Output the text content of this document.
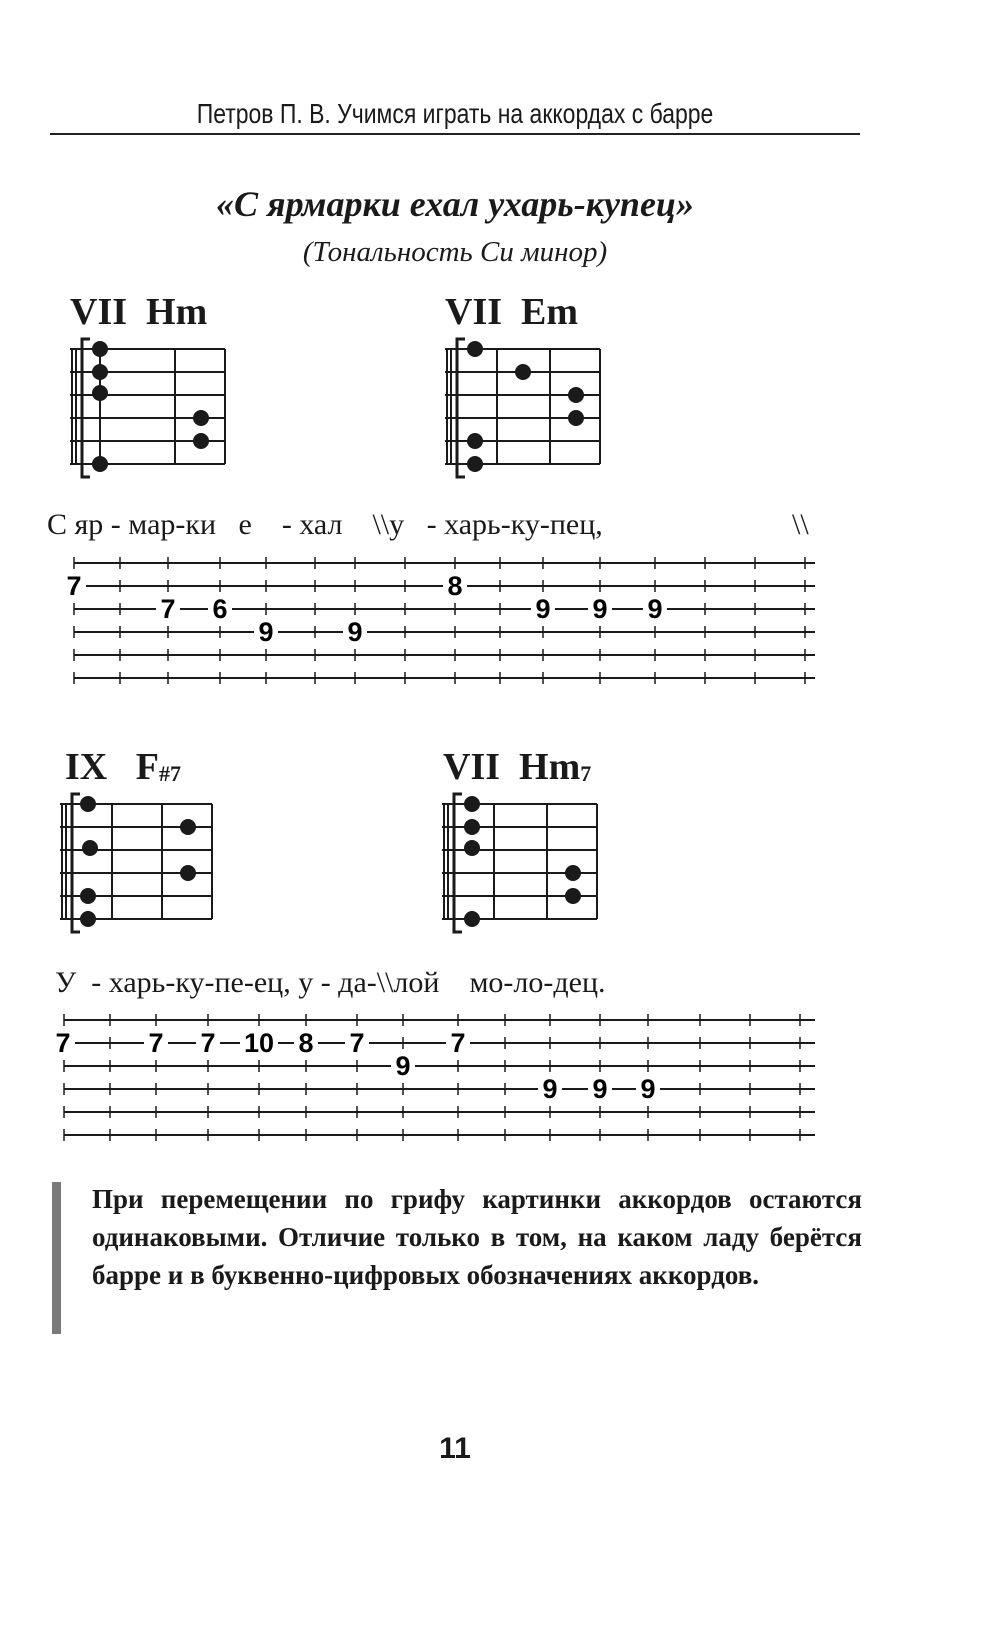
Петров П. В. Учимся играть на аккордах с барре
«С ярмарки ехал ухарь-купец»
(Тональность Си минор)
VII Hm	VII Em
С яр - мар-ки   е    - хал    \\у   - харь-ку-пец,	\\
7
7 6
9	9
8
9 9 9
IX $F_{\#7}$	VII $Hm_7$
У  - харь-ку-пе-ец, у - да-\\лой    мо-ло-дец.
7	7 7 10 8 7
9
7
9 9 9
При перемещении по грифу картинки аккордов остаются одинаковыми. Отличие только в том, на каком ладу берётся барре и в буквенно-цифровых обозначениях аккордов.
11
